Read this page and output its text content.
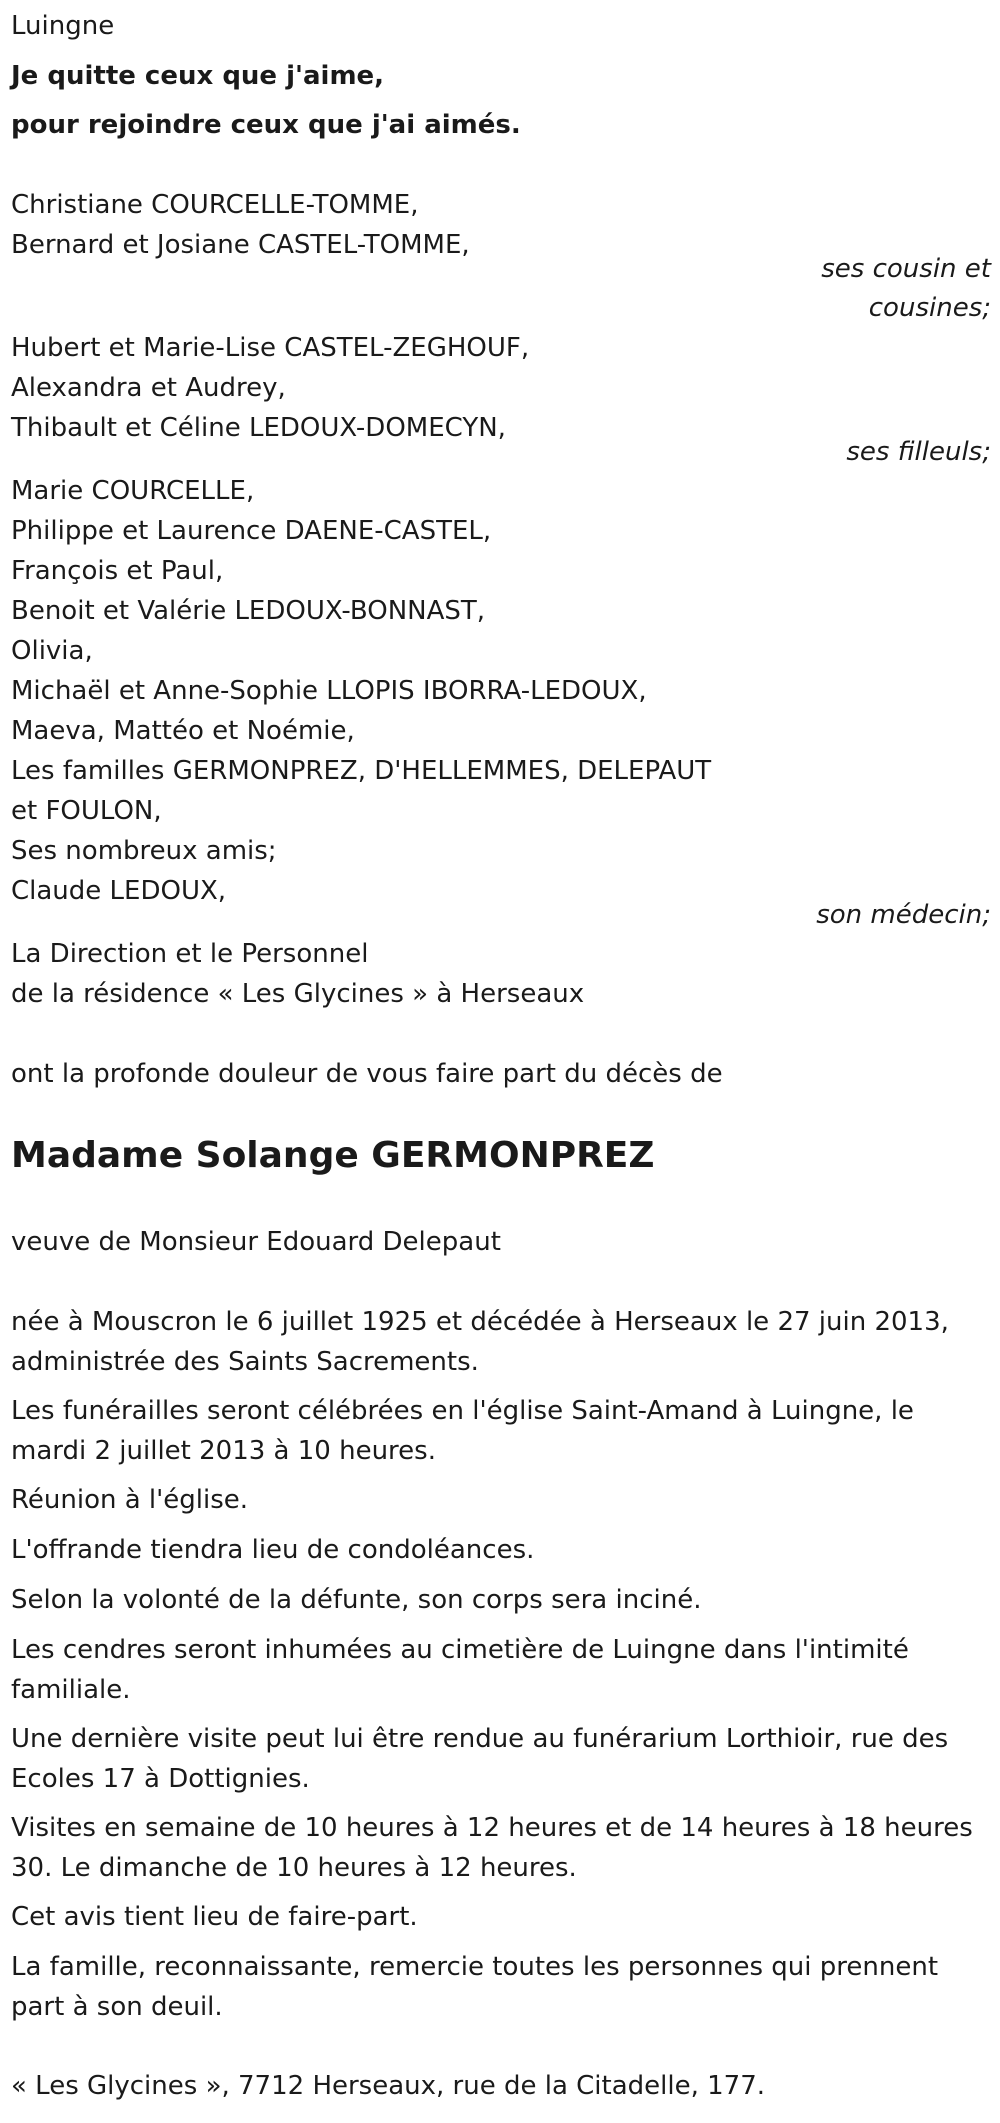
Luingne
Je quitte ceux que j'aime,
pour rejoindre ceux que j'ai aimés.
Christiane COURCELLE-TOMME,
Bernard et Josiane CASTEL-TOMME,
ses cousin et
cousines;
Hubert et Marie-Lise CASTEL-ZEGHOUF,
Alexandra et Audrey,
Thibault et Céline LEDOUX-DOMECYN,
ses filleuls;
Marie COURCELLE,
Philippe et Laurence DAENE-CASTEL,
François et Paul,
Benoit et Valérie LEDOUX-BONNAST,
Olivia,
Michaël et Anne-Sophie LLOPIS IBORRA-LEDOUX,
Maeva, Mattéo et Noémie,
Les familles GERMONPREZ, D'HELLEMMES, DELEPAUT
et FOULON,
Ses nombreux amis;
Claude LEDOUX,
son médecin;
La Direction et le Personnel
de la résidence « Les Glycines » à Herseaux
ont la profonde douleur de vous faire part du décès de
Madame Solange GERMONPREZ
veuve de Monsieur Edouard Delepaut
née à Mouscron le 6 juillet 1925 et décédée à Herseaux le 27 juin 2013, administrée des Saints Sacrements.
Les funérailles seront célébrées en l'église Saint-Amand à Luingne, le mardi 2 juillet 2013 à 10 heures.
Réunion à l'église.
L'offrande tiendra lieu de condoléances.
Selon la volonté de la défunte, son corps sera inciné.
Les cendres seront inhumées au cimetière de Luingne dans l'intimité familiale.
Une dernière visite peut lui être rendue au funérarium Lorthioir, rue des Ecoles 17 à Dottignies.
Visites en semaine de 10 heures à 12 heures et de 14 heures à 18 heures 30. Le dimanche de 10 heures à 12 heures.
Cet avis tient lieu de faire-part.
La famille, reconnaissante, remercie toutes les personnes qui prennent part à son deuil.
« Les Glycines », 7712 Herseaux, rue de la Citadelle, 177.
